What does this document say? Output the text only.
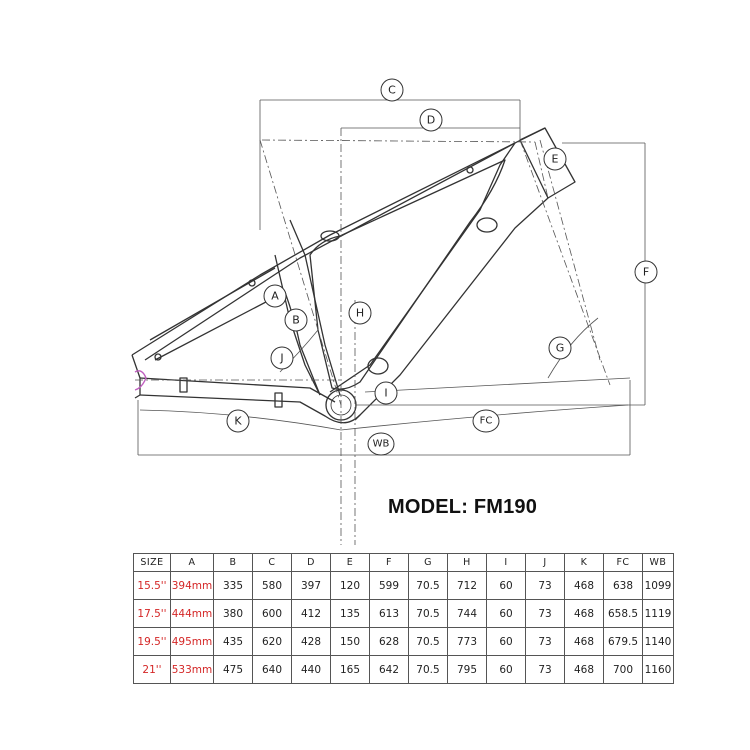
C
D
E
F
G
H
I
A
B
J
K	FC
WB
MODEL: FM190
SIZE	A	B	C	D	E	F	G	H	I	J	K	FC	WB
15.5''	394mm	335	580	397	120	599	70.5	712	60	73	468	638	1099
17.5''	444mm	380	600	412	135	613	70.5	744	60	73	468	658.5	1119
19.5''	495mm	435	620	428	150	628	70.5	773	60	73	468	679.5	1140
21''	533mm	475	640	440	165	642	70.5	795	60	73	468	700	1160
